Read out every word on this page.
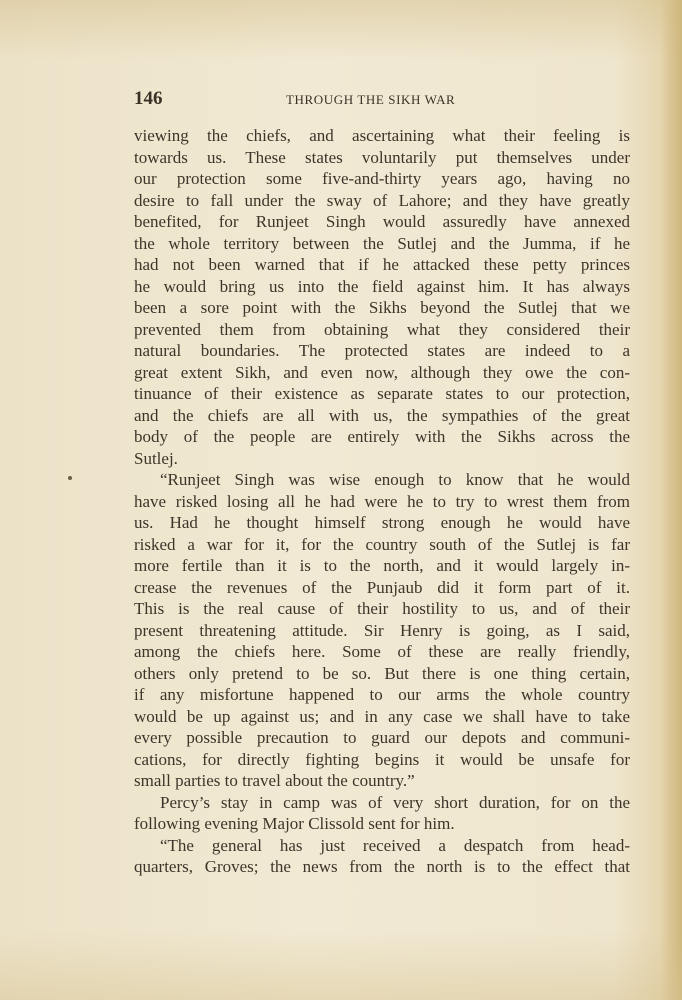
146	THROUGH THE SIKH WAR
viewing the chiefs, and ascertaining what their feeling is
towards us. These states voluntarily put themselves under
our protection some five-and-thirty years ago, having no
desire to fall under the sway of Lahore; and they have greatly
benefited, for Runjeet Singh would assuredly have annexed
the whole territory between the Sutlej and the Jumma, if he
had not been warned that if he attacked these petty princes
he would bring us into the field against him. It has always
been a sore point with the Sikhs beyond the Sutlej that we
prevented them from obtaining what they considered their
natural boundaries. The protected states are indeed to a
great extent Sikh, and even now, although they owe the con-
tinuance of their existence as separate states to our protection,
and the chiefs are all with us, the sympathies of the great
body of the people are entirely with the Sikhs across the
Sutlej.
“Runjeet Singh was wise enough to know that he would
have risked losing all he had were he to try to wrest them from
us. Had he thought himself strong enough he would have
risked a war for it, for the country south of the Sutlej is far
more fertile than it is to the north, and it would largely in-
crease the revenues of the Punjaub did it form part of it.
This is the real cause of their hostility to us, and of their
present threatening attitude. Sir Henry is going, as I said,
among the chiefs here. Some of these are really friendly,
others only pretend to be so. But there is one thing certain,
if any misfortune happened to our arms the whole country
would be up against us; and in any case we shall have to take
every possible precaution to guard our depots and communi-
cations, for directly fighting begins it would be unsafe for
small parties to travel about the country.”
Percy’s stay in camp was of very short duration, for on the
following evening Major Clissold sent for him.
“The general has just received a despatch from head-
quarters, Groves; the news from the north is to the effect that
